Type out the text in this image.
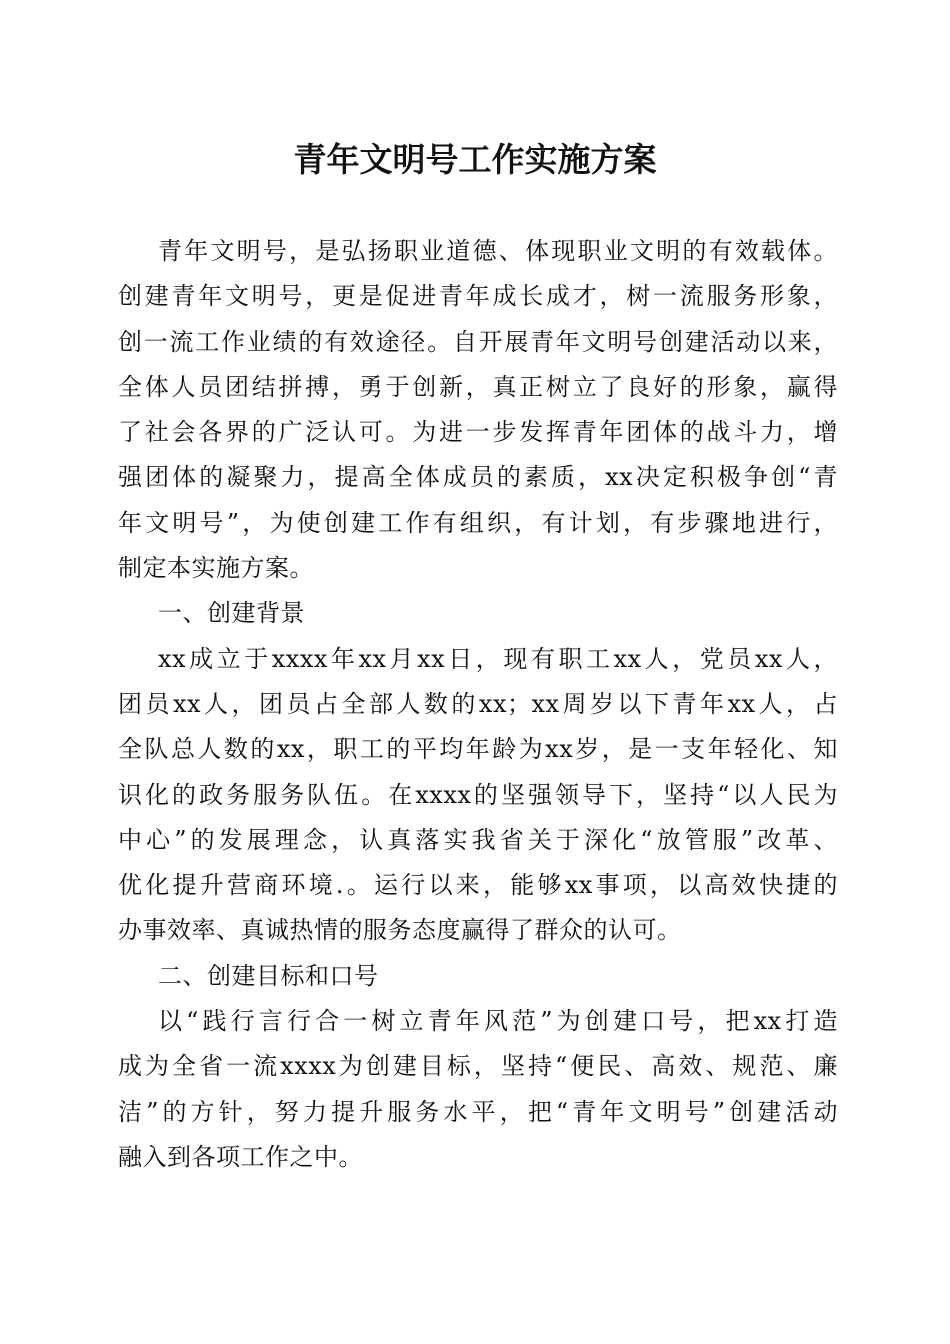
青年文明号工作实施方案
青年文明号，是弘扬职业道德、体现职业文明的有效载体。
创建青年文明号，更是促进青年成长成才，树一流服务形象，
创一流工作业绩的有效途径。自开展青年文明号创建活动以来，
全体人员团结拼搏，勇于创新，真正树立了良好的形象，赢得
了社会各界的广泛认可。为进一步发挥青年团体的战斗力，增
强团体的凝聚力，提高全体成员的素质，xx决定积极争创“青
年文明号”，为使创建工作有组织，有计划，有步骤地进行，
制定本实施方案。
一、创建背景
xx成立于xxxx年xx月xx日，现有职工xx人，党员xx人，
团员xx人，团员占全部人数的xx；xx周岁以下青年xx人，占
全队总人数的xx，职工的平均年龄为xx岁，是一支年轻化、知
识化的政务服务队伍。在xxxx的坚强领导下，坚持“以人民为
中心”的发展理念，认真落实我省关于深化“放管服”改革、
优化提升营商环境.。运行以来，能够xx事项，以高效快捷的
办事效率、真诚热情的服务态度赢得了群众的认可。
二、创建目标和口号
以“践行言行合一树立青年风范”为创建口号，把xx打造
成为全省一流xxxx为创建目标，坚持“便民、高效、规范、廉
洁”的方针，努力提升服务水平，把“青年文明号”创建活动
融入到各项工作之中。
